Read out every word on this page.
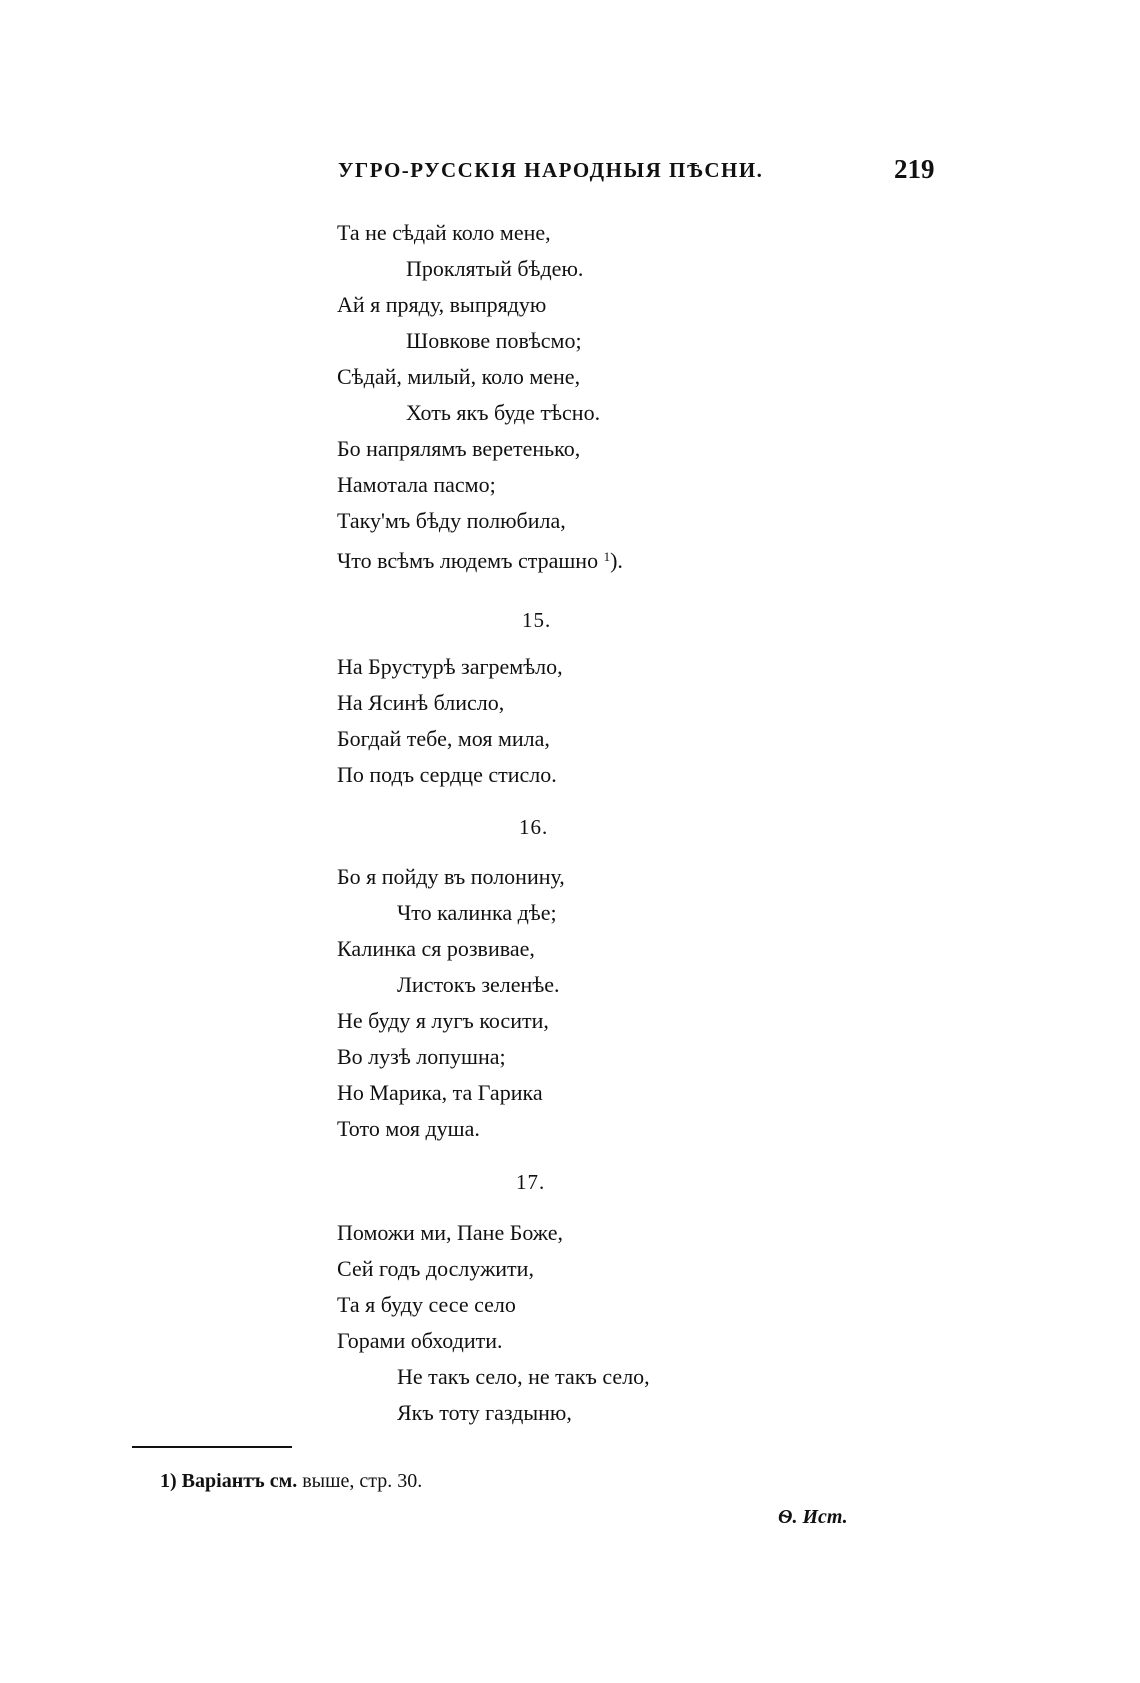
УГРО-РУССКІЯ НАРОДНЫЯ ПѢСНИ.	219
Та не сѣдай коло мене,
Проклятый бѣдею.
Ай я пряду, выпрядую
Шовкове повѣсмо;
Сѣдай, милый, коло мене,
Хоть якъ буде тѣсно.
Бо напрялямъ веретенько,
Намотала пасмо;
Таку'мъ бѣду полюбила,
Что всѣмъ людемъ страшно $^1$).
15.
На Брустурѣ загремѣло,
На Ясинѣ блисло,
Богдай тебе, моя мила,
По подъ сердце стисло.
16.
Бо я пойду въ полонину,
Что калинка дѣе;
Калинка ся розвивае,
Листокъ зеленѣе.
Не буду я лугъ косити,
Во лузѣ лопушна;
Но Марика, та Гарика
Тото моя душа.
17.
Поможи ми, Пане Боже,
Сей годъ дослужити,
Та я буду сесе село
Горами обходити.
Не такъ село, не такъ село,
Якъ тоту газдыню,
1) Варіантъ см. выше, стр. 30.
Ѳ. Ист.
